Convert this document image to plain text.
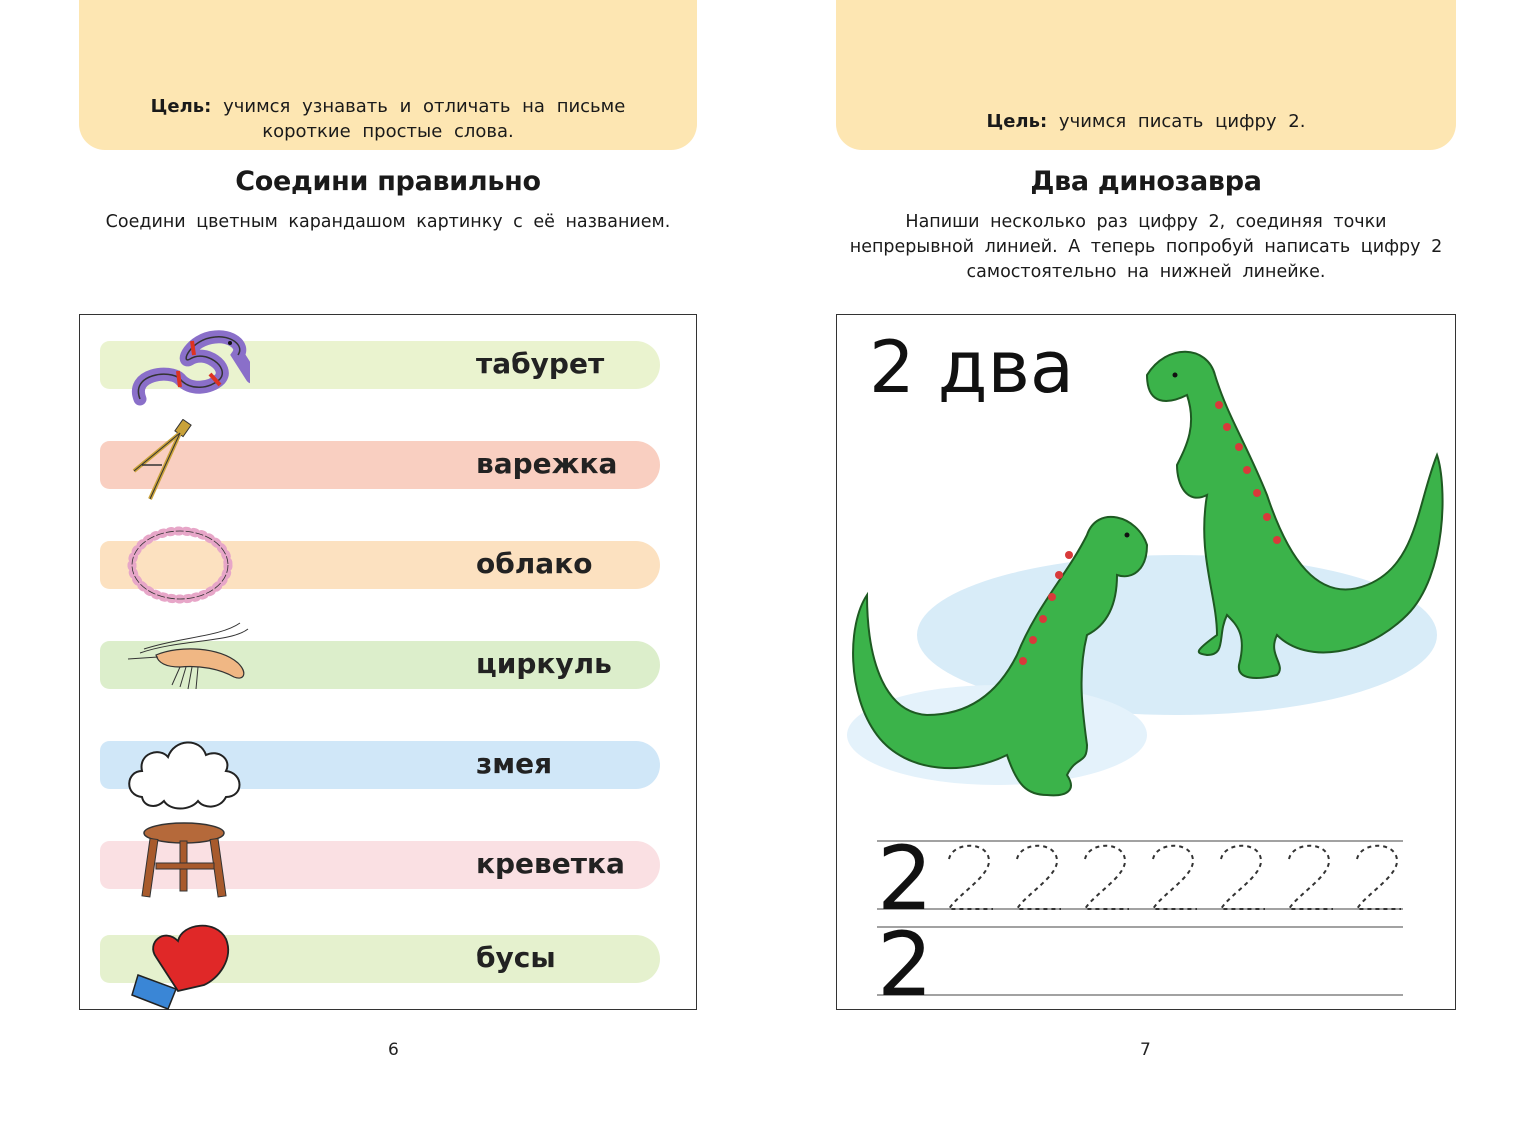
Цель: учимся узнавать и отличать на письме короткие простые слова.
Соедини правильно
Соедини цветным карандашом картинку с её названием.
табурет
варежка
облако
циркуль
змея
креветка
бусы
6
Цель: учимся писать цифру 2.
Два динозавра
Напиши несколько раз цифру 2, соединяя точки непрерывной линией. А теперь попробуй написать цифру 2 самостоятельно на нижней линейке.
2 два
2
2
7
